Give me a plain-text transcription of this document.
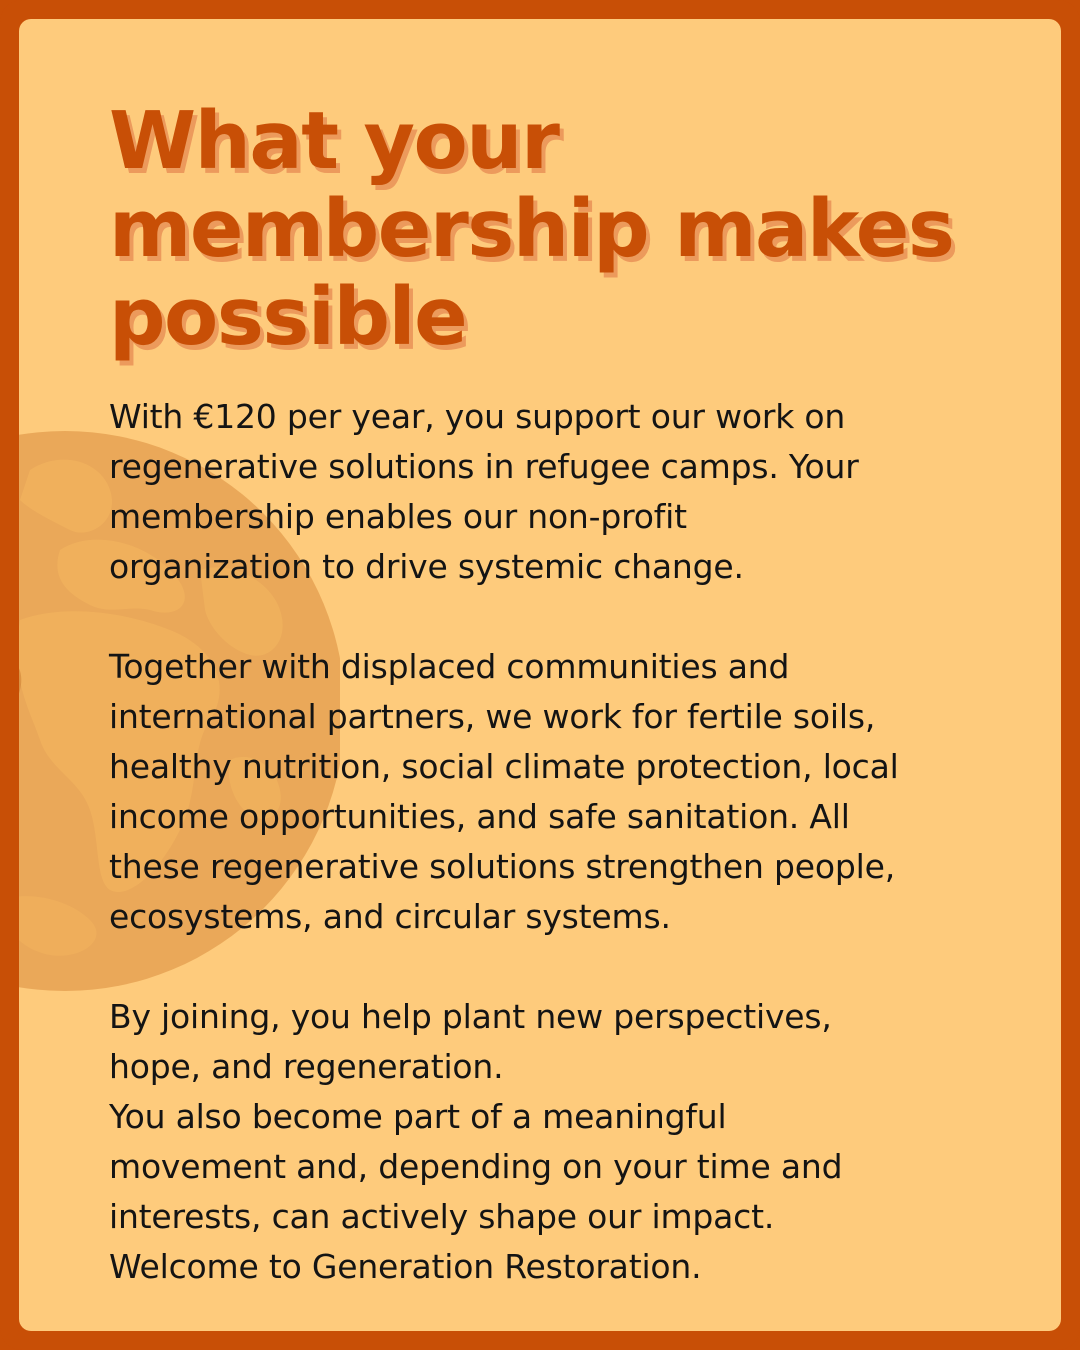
What your
membership makes
possible
With €120 per year, you support our work on
regenerative solutions in refugee camps. Your
membership enables our non-profit
organization to drive systemic change.
Together with displaced communities and
international partners, we work for fertile soils,
healthy nutrition, social climate protection, local
income opportunities, and safe sanitation. All
these regenerative solutions strengthen people,
ecosystems, and circular systems.
By joining, you help plant new perspectives,
hope, and regeneration.
You also become part of a meaningful
movement and, depending on your time and
interests, can actively shape our impact.
Welcome to Generation Restoration.
